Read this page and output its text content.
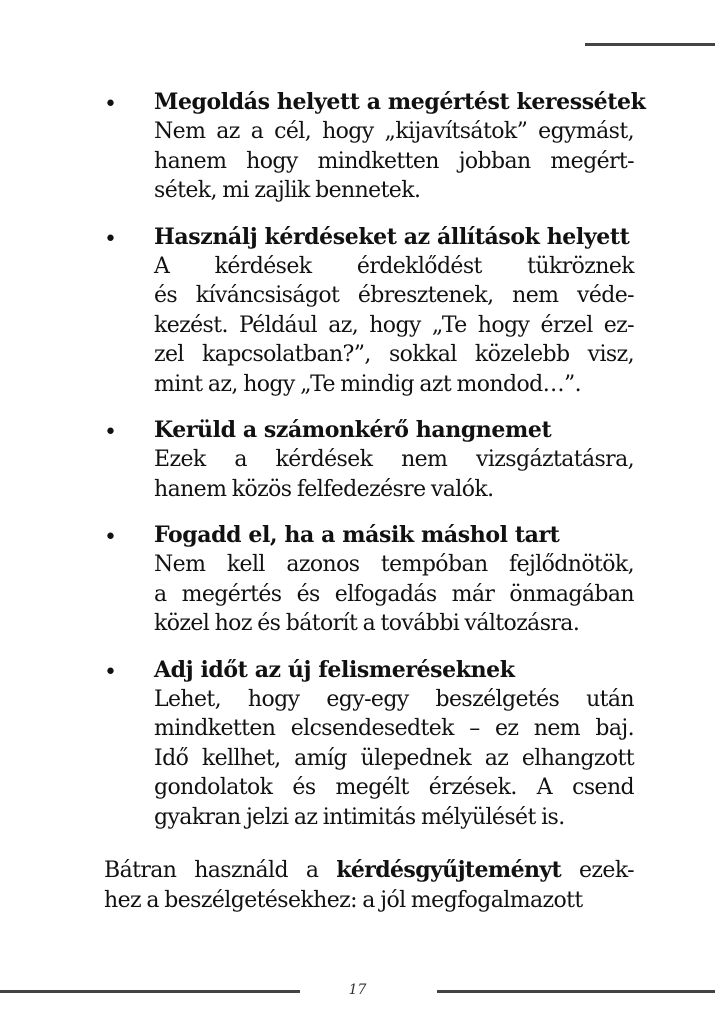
• Megoldás helyett a megértést keressétek
Nem az a cél, hogy „kijavítsátok” egymást,
hanem hogy mindketten jobban megért-
sétek, mi zajlik bennetek.
• Használj kérdéseket az állítások helyett
A kérdések érdeklődést tükröznek
és kíváncsiságot ébresztenek, nem véde-
kezést. Például az, hogy „Te hogy érzel ez-
zel kapcsolatban?”, sokkal közelebb visz,
mint az, hogy „Te mindig azt mondod…”.
• Kerüld a számonkérő hangnemet
Ezek a kérdések nem vizsgáztatásra,
hanem közös felfedezésre valók.
• Fogadd el, ha a másik máshol tart
Nem kell azonos tempóban fejlődnötök,
a megértés és elfogadás már önmagában
közel hoz és bátorít a további változásra.
• Adj időt az új felismeréseknek
Lehet, hogy egy-egy beszélgetés után
mindketten elcsendesedtek – ez nem baj.
Idő kellhet, amíg ülepednek az elhangzott
gondolatok és megélt érzések. A csend
gyakran jelzi az intimitás mélyülését is.
Bátran használd a kérdésgyűjteményt ezek-
hez a beszélgetésekhez: a jól megfogalmazott
17
